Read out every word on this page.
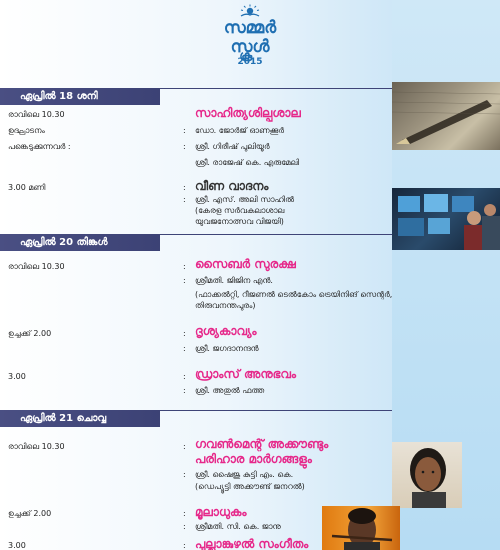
സമ്മർ
സ്കൂൾ
2015
ഏപ്രിൽ 18 ശനി
രാവിലെ 10.30	സാഹിത്യശില്പശാല
ഉദ്ഘാടനം	: ഡോ. ജോർജ് ഓണക്കൂർ
പങ്കെടുക്കുന്നവർ :	: ശ്രീ. ഗിരീഷ് പുലിയൂർ
ശ്രീ. രാജേഷ് കെ. എരുമേലി
3.00 മണി	: വീണ വാദനം
: ശ്രീ. എസ്. അലി സാഹിൽ
(കേരള സർവകലാശാല
യുവജനോത്സവ വിജയി)
ഏപ്രിൽ 20 തിങ്കൾ
രാവിലെ 10.30	: സൈബർ സുരക്ഷ
: ശ്രീമതി. ജിജിന എൻ.
(ഫാക്കൽറ്റി, റീജണൽ ടെൽകോം ട്രെയിനിങ് സെന്റർ,
തിരുവനന്തപുരം)
ഉച്ചക്ക് 2.00	: ദൃശ്യകാവ്യം
: ശ്രീ. ജഗദാനന്ദൻ
3.00	: ഡ്രാംസ് അനുഭവം
: ശ്രീ. അതുൽ ഫത്ത
ഏപ്രിൽ 21 ചൊവ്വ
രാവിലെ 10.30	: ഗവൺമെന്റ് അക്കൗണ്ടും
പരിഹാര മാർഗങ്ങളും
: ശ്രീ. ഷൈജു കുട്ടി എം. കെ.
(ഡെപ്യൂട്ടി അക്കൗണ്ട് ജനറൽ)
ഉച്ചക്ക് 2.00	: മൂലാധുകം
: ശ്രീമതി. സി. കെ. ജാനു
3.00	: പുല്ലാങ്കുഴൽ സംഗീതം
